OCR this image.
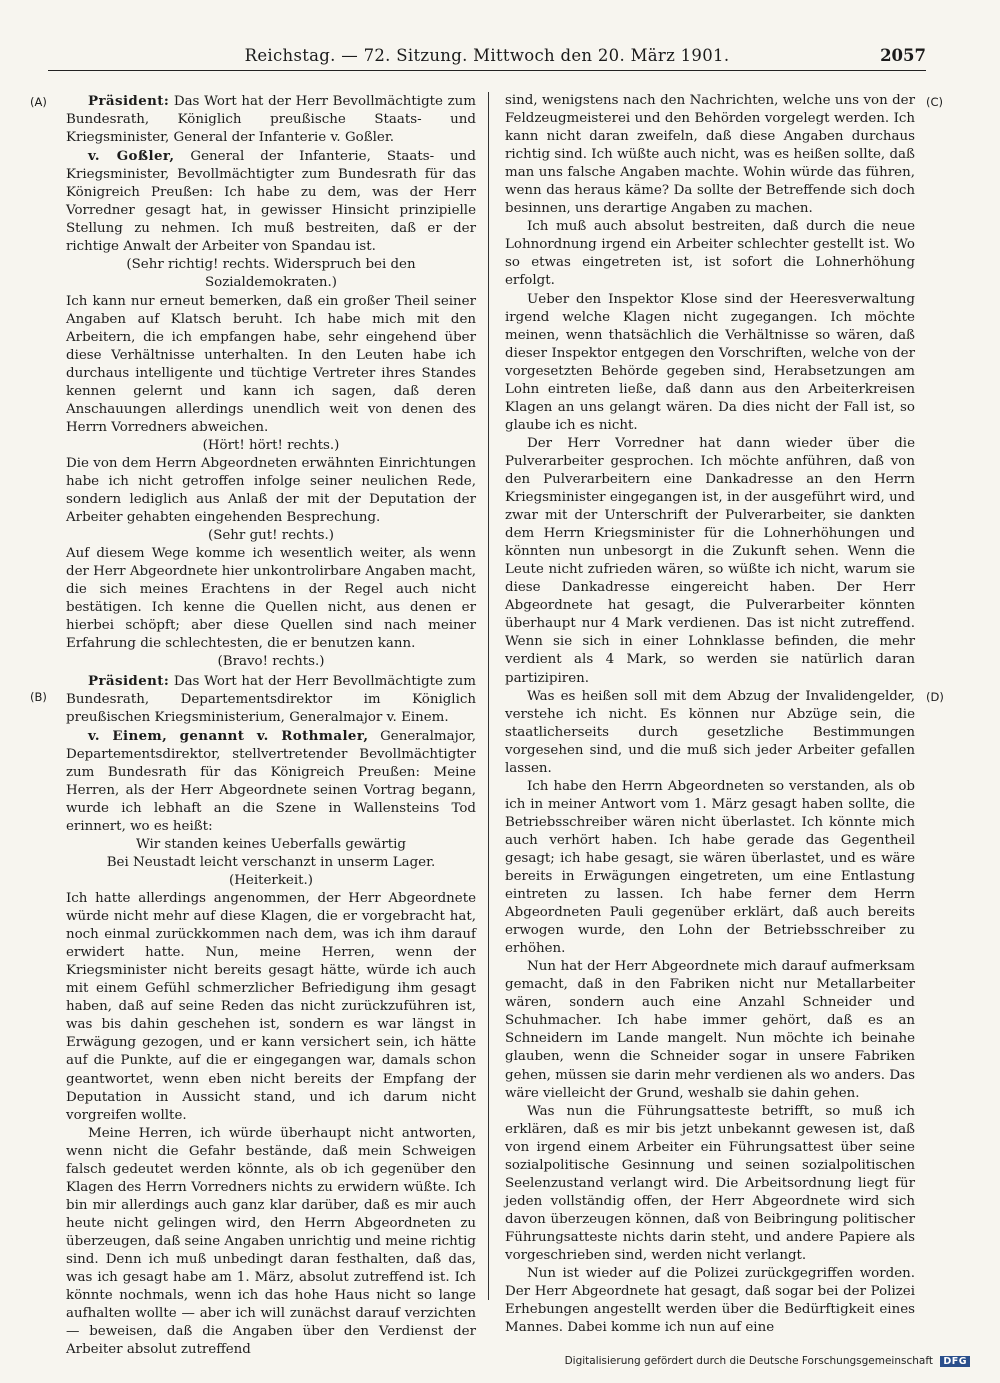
Reichstag. — 72. Sitzung. Mittwoch den 20. März 1901.	2057
(A)
(B)
(C)
(D)

Präsident: Das Wort hat der Herr Bevollmächtigte zum Bundesrath, Königlich preußische Staats- und Kriegsminister, General der Infanterie v. Goßler.

v. Goßler, General der Infanterie, Staats- und Kriegsminister, Bevollmächtigter zum Bundesrath für das Königreich Preußen: Ich habe zu dem, was der Herr Vorredner gesagt hat, in gewisser Hinsicht prinzipielle Stellung zu nehmen. Ich muß bestreiten, daß er der richtige Anwalt der Arbeiter von Spandau ist.

(Sehr richtig! rechts. Widerspruch bei den Sozialdemokraten.)

Ich kann nur erneut bemerken, daß ein großer Theil seiner Angaben auf Klatsch beruht. Ich habe mich mit den Arbeitern, die ich empfangen habe, sehr eingehend über diese Verhältnisse unterhalten. In den Leuten habe ich durchaus intelligente und tüchtige Vertreter ihres Standes kennen gelernt und kann ich sagen, daß deren Anschauungen allerdings unendlich weit von denen des Herrn Vorredners abweichen.

(Hört! hört! rechts.)

Die von dem Herrn Abgeordneten erwähnten Einrichtungen habe ich nicht getroffen infolge seiner neulichen Rede, sondern lediglich aus Anlaß der mit der Deputation der Arbeiter gehabten eingehenden Besprechung.

(Sehr gut! rechts.)

Auf diesem Wege komme ich wesentlich weiter, als wenn der Herr Abgeordnete hier unkontrolirbare Angaben macht, die sich meines Erachtens in der Regel auch nicht bestätigen. Ich kenne die Quellen nicht, aus denen er hierbei schöpft; aber diese Quellen sind nach meiner Erfahrung die schlechtesten, die er benutzen kann.

(Bravo! rechts.)

Präsident: Das Wort hat der Herr Bevollmächtigte zum Bundesrath, Departementsdirektor im Königlich preußischen Kriegsministerium, Generalmajor v. Einem.

v. Einem, genannt v. Rothmaler, Generalmajor, Departementsdirektor, stellvertretender Bevollmächtigter zum Bundesrath für das Königreich Preußen: Meine Herren, als der Herr Abgeordnete seinen Vortrag begann, wurde ich lebhaft an die Szene in Wallensteins Tod erinnert, wo es heißt:

Wir standen keines Ueberfalls gewärtig

Bei Neustadt leicht verschanzt in unserm Lager.

(Heiterkeit.)

Ich hatte allerdings angenommen, der Herr Abgeordnete würde nicht mehr auf diese Klagen, die er vorgebracht hat, noch einmal zurückkommen nach dem, was ich ihm darauf erwidert hatte. Nun, meine Herren, wenn der Kriegsminister nicht bereits gesagt hätte, würde ich auch mit einem Gefühl schmerzlicher Befriedigung ihm gesagt haben, daß auf seine Reden das nicht zurückzuführen ist, was bis dahin geschehen ist, sondern es war längst in Erwägung gezogen, und er kann versichert sein, ich hätte auf die Punkte, auf die er eingegangen war, damals schon geantwortet, wenn eben nicht bereits der Empfang der Deputation in Aussicht stand, und ich darum nicht vorgreifen wollte.

Meine Herren, ich würde überhaupt nicht antworten, wenn nicht die Gefahr bestände, daß mein Schweigen falsch gedeutet werden könnte, als ob ich gegenüber den Klagen des Herrn Vorredners nichts zu erwidern wüßte. Ich bin mir allerdings auch ganz klar darüber, daß es mir auch heute nicht gelingen wird, den Herrn Abgeordneten zu überzeugen, daß seine Angaben unrichtig und meine richtig sind. Denn ich muß unbedingt daran festhalten, daß das, was ich gesagt habe am 1. März, absolut zutreffend ist. Ich könnte nochmals, wenn ich das hohe Haus nicht so lange aufhalten wollte — aber ich will zunächst darauf verzichten — beweisen, daß die Angaben über den Verdienst der Arbeiter absolut zutreffend

sind, wenigstens nach den Nachrichten, welche uns von der Feldzeugmeisterei und den Behörden vorgelegt werden. Ich kann nicht daran zweifeln, daß diese Angaben durchaus richtig sind. Ich wüßte auch nicht, was es heißen sollte, daß man uns falsche Angaben machte. Wohin würde das führen, wenn das heraus käme? Da sollte der Betreffende sich doch besinnen, uns derartige Angaben zu machen.

Ich muß auch absolut bestreiten, daß durch die neue Lohnordnung irgend ein Arbeiter schlechter gestellt ist. Wo so etwas eingetreten ist, ist sofort die Lohnerhöhung erfolgt.

Ueber den Inspektor Klose sind der Heeresverwaltung irgend welche Klagen nicht zugegangen. Ich möchte meinen, wenn thatsächlich die Verhältnisse so wären, daß dieser Inspektor entgegen den Vorschriften, welche von der vorgesetzten Behörde gegeben sind, Herabsetzungen am Lohn eintreten ließe, daß dann aus den Arbeiterkreisen Klagen an uns gelangt wären. Da dies nicht der Fall ist, so glaube ich es nicht.

Der Herr Vorredner hat dann wieder über die Pulverarbeiter gesprochen. Ich möchte anführen, daß von den Pulverarbeitern eine Dankadresse an den Herrn Kriegsminister eingegangen ist, in der ausgeführt wird, und zwar mit der Unterschrift der Pulverarbeiter, sie dankten dem Herrn Kriegsminister für die Lohnerhöhungen und könnten nun unbesorgt in die Zukunft sehen. Wenn die Leute nicht zufrieden wären, so wüßte ich nicht, warum sie diese Dankadresse eingereicht haben. Der Herr Abgeordnete hat gesagt, die Pulverarbeiter könnten überhaupt nur 4 Mark verdienen. Das ist nicht zutreffend. Wenn sie sich in einer Lohnklasse befinden, die mehr verdient als 4 Mark, so werden sie natürlich daran partizipiren.

Was es heißen soll mit dem Abzug der Invalidengelder, verstehe ich nicht. Es können nur Abzüge sein, die staatlicherseits durch gesetzliche Bestimmungen vorgesehen sind, und die muß sich jeder Arbeiter gefallen lassen.

Ich habe den Herrn Abgeordneten so verstanden, als ob ich in meiner Antwort vom 1. März gesagt haben sollte, die Betriebsschreiber wären nicht überlastet. Ich könnte mich auch verhört haben. Ich habe gerade das Gegentheil gesagt; ich habe gesagt, sie wären überlastet, und es wäre bereits in Erwägungen eingetreten, um eine Entlastung eintreten zu lassen. Ich habe ferner dem Herrn Abgeordneten Pauli gegenüber erklärt, daß auch bereits erwogen wurde, den Lohn der Betriebsschreiber zu erhöhen.

Nun hat der Herr Abgeordnete mich darauf aufmerksam gemacht, daß in den Fabriken nicht nur Metallarbeiter wären, sondern auch eine Anzahl Schneider und Schuhmacher. Ich habe immer gehört, daß es an Schneidern im Lande mangelt. Nun möchte ich beinahe glauben, wenn die Schneider sogar in unsere Fabriken gehen, müssen sie darin mehr verdienen als wo anders. Das wäre vielleicht der Grund, weshalb sie dahin gehen.

Was nun die Führungsatteste betrifft, so muß ich erklären, daß es mir bis jetzt unbekannt gewesen ist, daß von irgend einem Arbeiter ein Führungsattest über seine sozialpolitische Gesinnung und seinen sozialpolitischen Seelenzustand verlangt wird. Die Arbeitsordnung liegt für jeden vollständig offen, der Herr Abgeordnete wird sich davon überzeugen können, daß von Beibringung politischer Führungsatteste nichts darin steht, und andere Papiere als vorgeschrieben sind, werden nicht verlangt.

Nun ist wieder auf die Polizei zurückgegriffen worden. Der Herr Abgeordnete hat gesagt, daß sogar bei der Polizei Erhebungen angestellt werden über die Bedürftigkeit eines Mannes. Dabei komme ich nun auf eine

Digitalisierung gefördert durch die Deutsche Forschungsgemeinschaft DFG
